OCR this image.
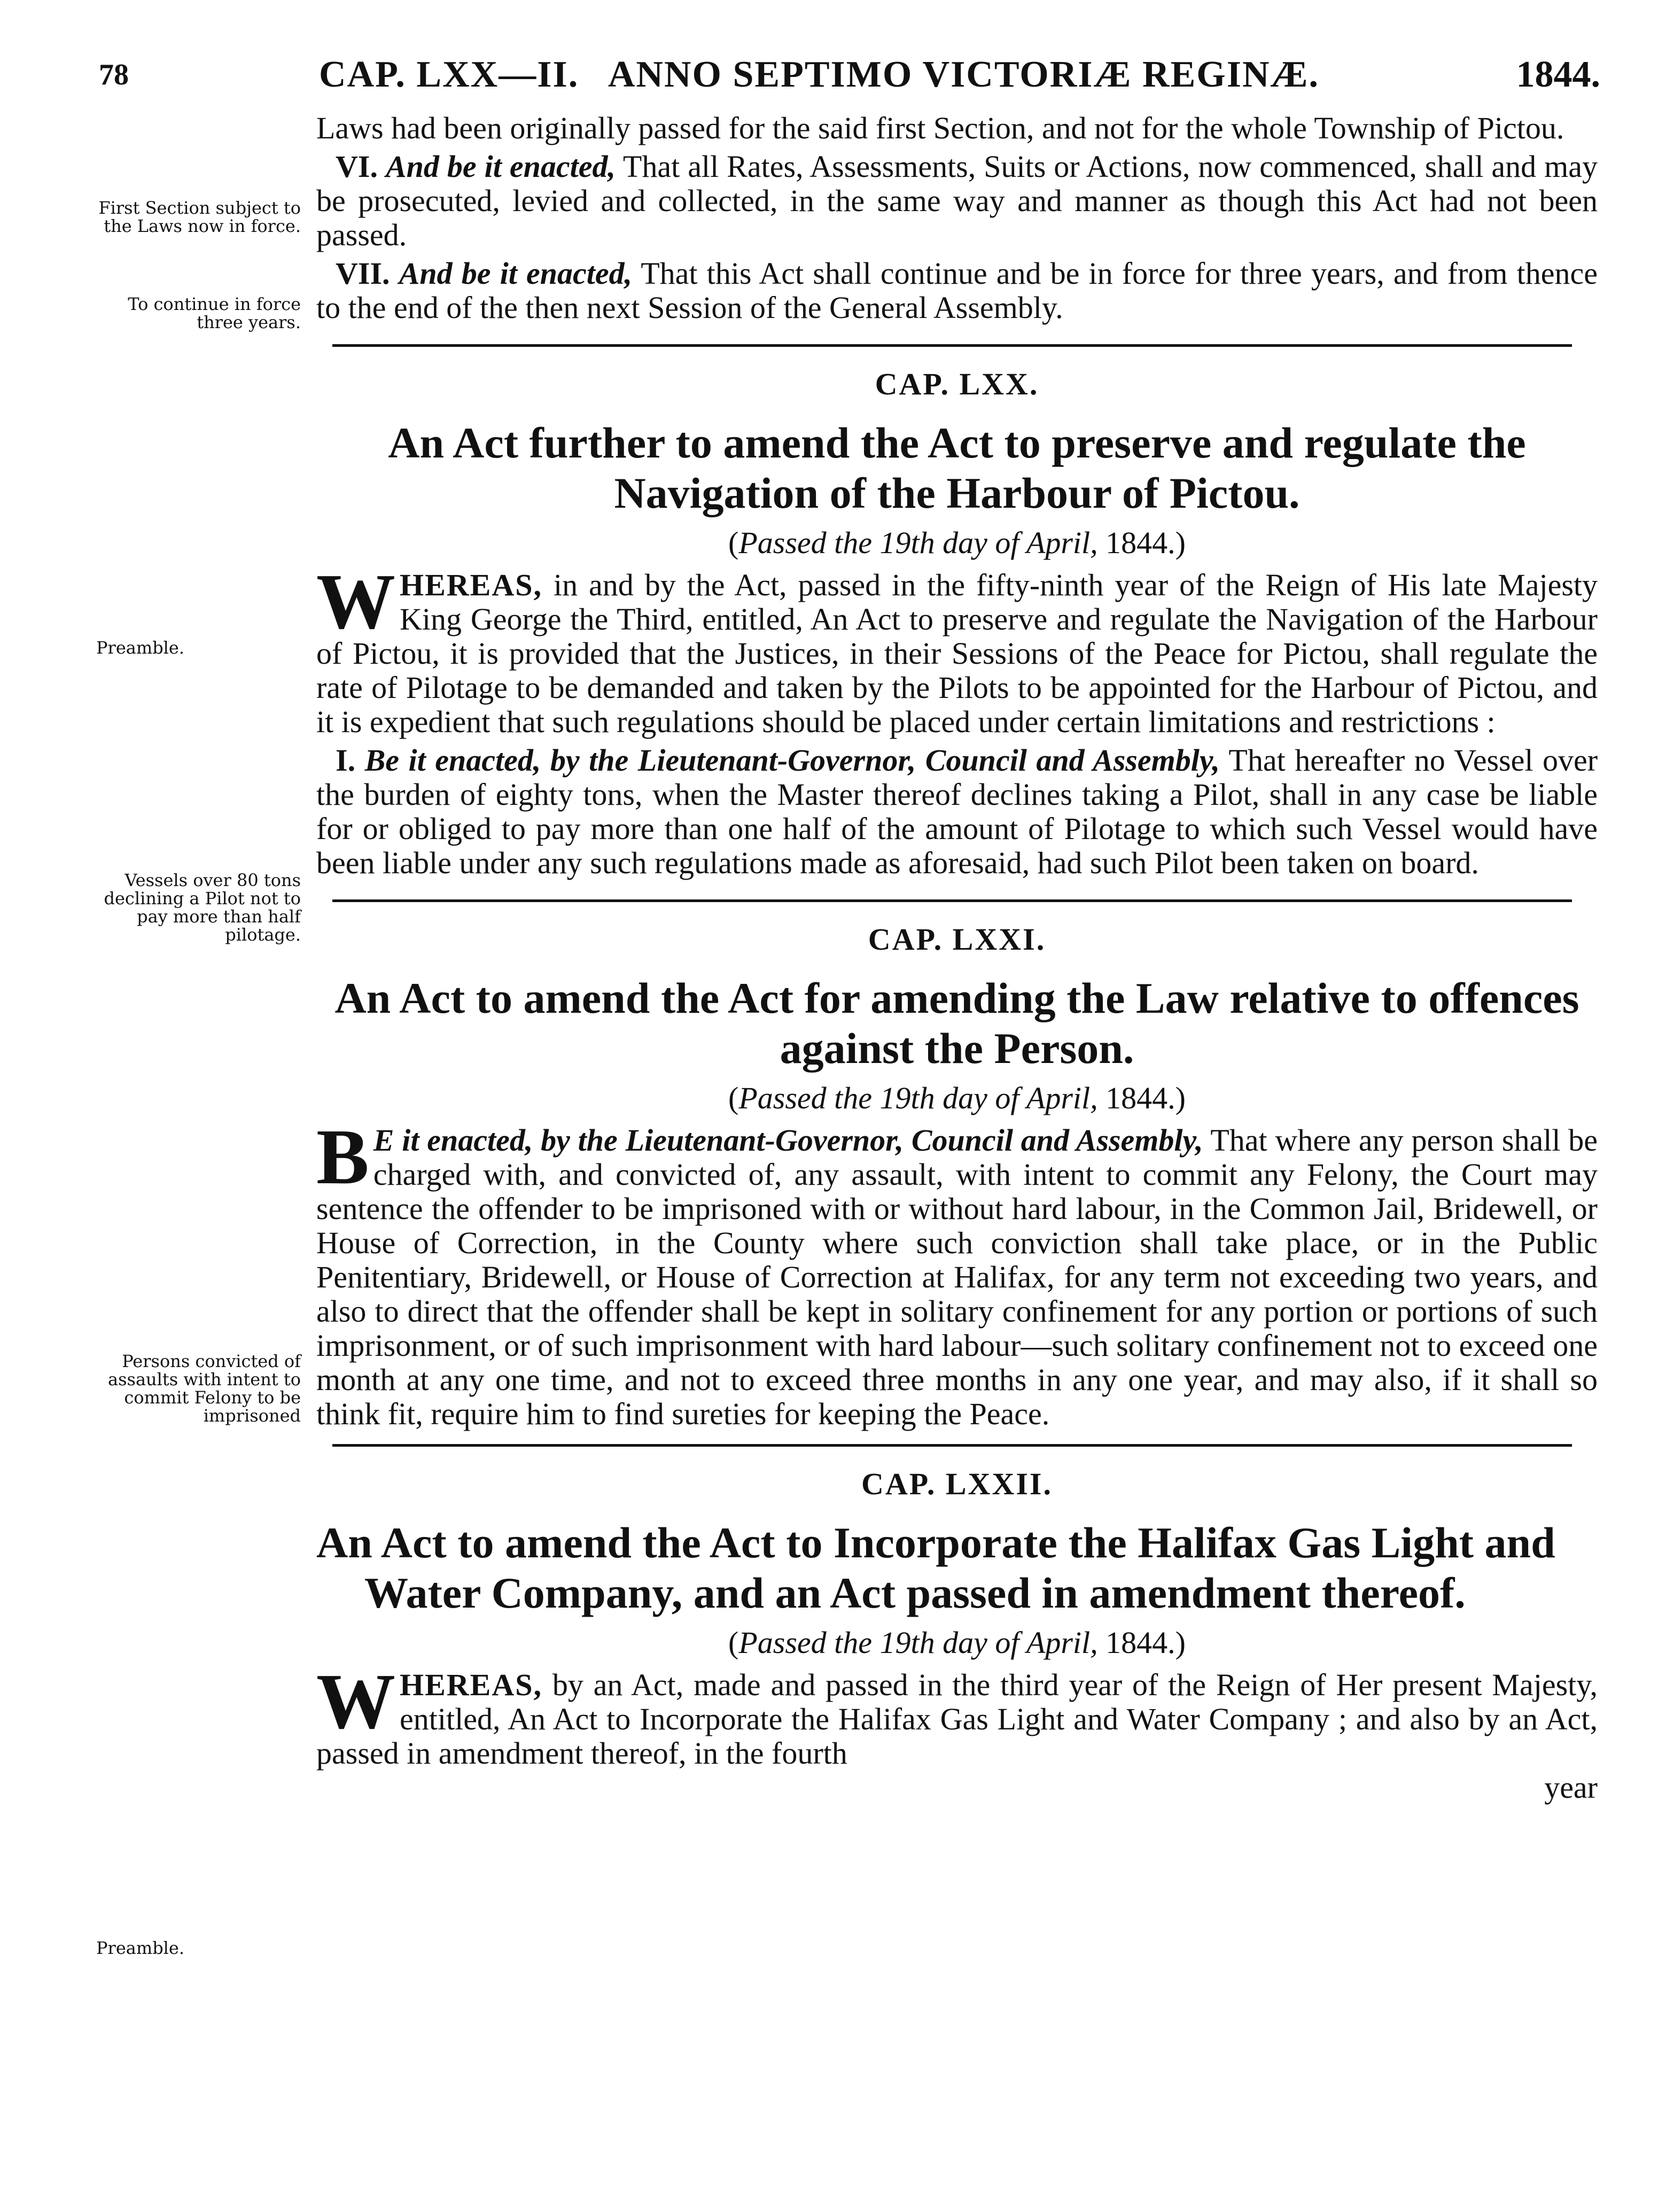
78	CAP. LXX—II.   ANNO SEPTIMO VICTORIÆ REGINÆ.	1844.
First Section subject to the Laws now in force.
To continue in force three years.
Preamble.
Vessels over 80 tons declining a Pilot not to pay more than half pilotage.
Persons convicted of assaults with intent to commit Felony to be imprisoned
Preamble.

Laws had been originally passed for the said first Section, and not for the whole Township of Pictou.

VI. And be it enacted, That all Rates, Assessments, Suits or Actions, now commenced, shall and may be prosecuted, levied and collected, in the same way and manner as though this Act had not been passed.

VII. And be it enacted, That this Act shall continue and be in force for three years, and from thence to the end of the then next Session of the General Assembly.

CAP. LXX.

An Act further to amend the Act to preserve and regulate the Navigation of the Harbour of Pictou.

(Passed the 19th day of April, 1844.)

WHEREAS, in and by the Act, passed in the fifty-ninth year of the Reign of His late Majesty King George the Third, entitled, An Act to preserve and regulate the Navigation of the Harbour of Pictou, it is provided that the Justices, in their Sessions of the Peace for Pictou, shall regulate the rate of Pilotage to be demanded and taken by the Pilots to be appointed for the Harbour of Pictou, and it is expedient that such regulations should be placed under certain limitations and restrictions :

I. Be it enacted, by the Lieutenant-Governor, Council and Assembly, That hereafter no Vessel over the burden of eighty tons, when the Master thereof declines taking a Pilot, shall in any case be liable for or obliged to pay more than one half of the amount of Pilotage to which such Vessel would have been liable under any such regulations made as aforesaid, had such Pilot been taken on board.

CAP. LXXI.

An Act to amend the Act for amending the Law relative to offences against the Person.

(Passed the 19th day of April, 1844.)

B E it enacted, by the Lieutenant-Governor, Council and Assembly, That where any person shall be charged with, and convicted of, any assault, with intent to commit any Felony, the Court may sentence the offender to be imprisoned with or without hard labour, in the Common Jail, Bridewell, or House of Correction, in the County where such conviction shall take place, or in the Public Penitentiary, Bridewell, or House of Correction at Halifax, for any term not exceeding two years, and also to direct that the offender shall be kept in solitary confinement for any portion or portions of such imprisonment, or of such imprisonment with hard labour—such solitary confinement not to exceed one month at any one time, and not to exceed three months in any one year, and may also, if it shall so think fit, require him to find sureties for keeping the Peace.

CAP. LXXII.

An Act to amend the Act to Incorporate the Halifax Gas Light and Water Company, and an Act passed in amendment thereof.

(Passed the 19th day of April, 1844.)

WHEREAS, by an Act, made and passed in the third year of the Reign of Her present Majesty, entitled, An Act to Incorporate the Halifax Gas Light and Water Company ; and also by an Act, passed in amendment thereof, in the fourth

year
